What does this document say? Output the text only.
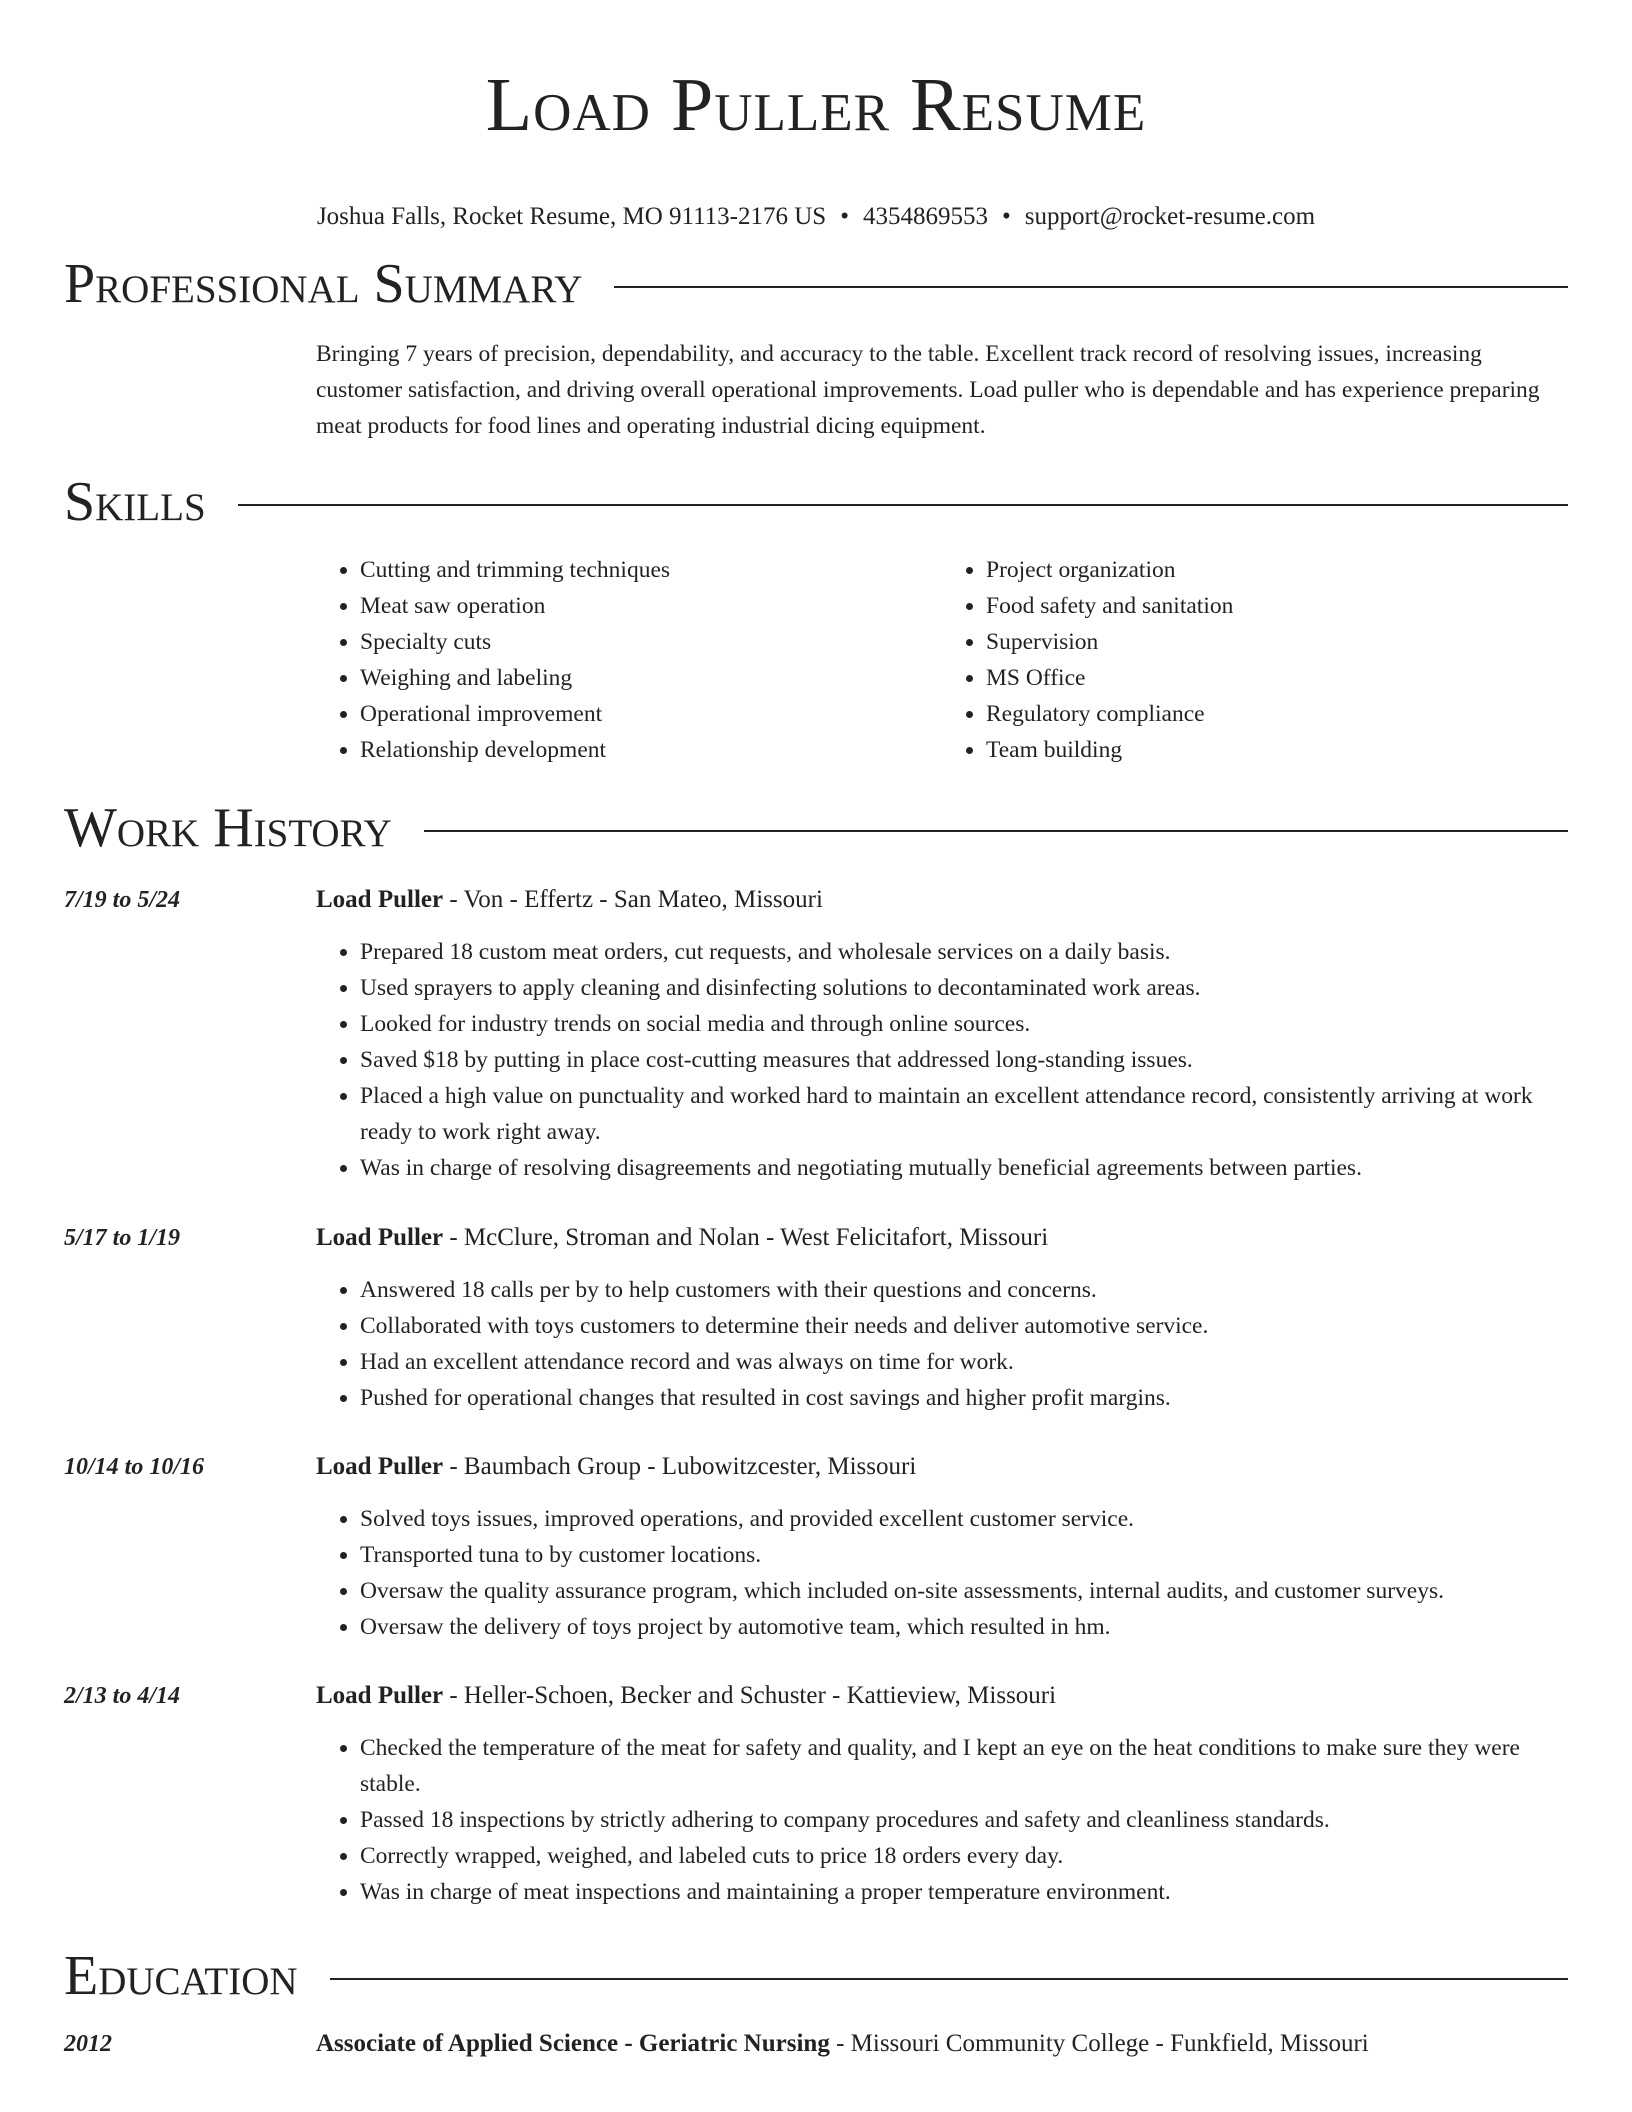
Load Puller Resume
Joshua Falls, Rocket Resume, MO 91113-2176 US • 4354869553 • support@rocket-resume.com
Professional Summary

Bringing 7 years of precision, dependability, and accuracy to the table. Excellent track record of resolving issues, increasing customer satisfaction, and driving overall operational improvements. Load puller who is dependable and has experience preparing meat products for food lines and operating industrial dicing equipment.

Skills
• Cutting and trimming techniques
• Meat saw operation
• Specialty cuts
• Weighing and labeling
• Operational improvement
• Relationship development
• Project organization
• Food safety and sanitation
• Supervision
• MS Office
• Regulatory compliance
• Team building
Work History
7/19 to 5/24	Load Puller - Von - Effertz - San Mateo, Missouri
• Prepared 18 custom meat orders, cut requests, and wholesale services on a daily basis.
• Used sprayers to apply cleaning and disinfecting solutions to decontaminated work areas.
• Looked for industry trends on social media and through online sources.
• Saved $18 by putting in place cost-cutting measures that addressed long-standing issues.
• Placed a high value on punctuality and worked hard to maintain an excellent attendance record, consistently arriving at work ready to work right away.
• Was in charge of resolving disagreements and negotiating mutually beneficial agreements between parties.
5/17 to 1/19	Load Puller - McClure, Stroman and Nolan - West Felicitafort, Missouri
• Answered 18 calls per by to help customers with their questions and concerns.
• Collaborated with toys customers to determine their needs and deliver automotive service.
• Had an excellent attendance record and was always on time for work.
• Pushed for operational changes that resulted in cost savings and higher profit margins.
10/14 to 10/16	Load Puller - Baumbach Group - Lubowitzcester, Missouri
• Solved toys issues, improved operations, and provided excellent customer service.
• Transported tuna to by customer locations.
• Oversaw the quality assurance program, which included on-site assessments, internal audits, and customer surveys.
• Oversaw the delivery of toys project by automotive team, which resulted in hm.
2/13 to 4/14	Load Puller - Heller-Schoen, Becker and Schuster - Kattieview, Missouri
• Checked the temperature of the meat for safety and quality, and I kept an eye on the heat conditions to make sure they were stable.
• Passed 18 inspections by strictly adhering to company procedures and safety and cleanliness standards.
• Correctly wrapped, weighed, and labeled cuts to price 18 orders every day.
• Was in charge of meat inspections and maintaining a proper temperature environment.
Education
2012	Associate of Applied Science - Geriatric Nursing - Missouri Community College - Funkfield, Missouri
